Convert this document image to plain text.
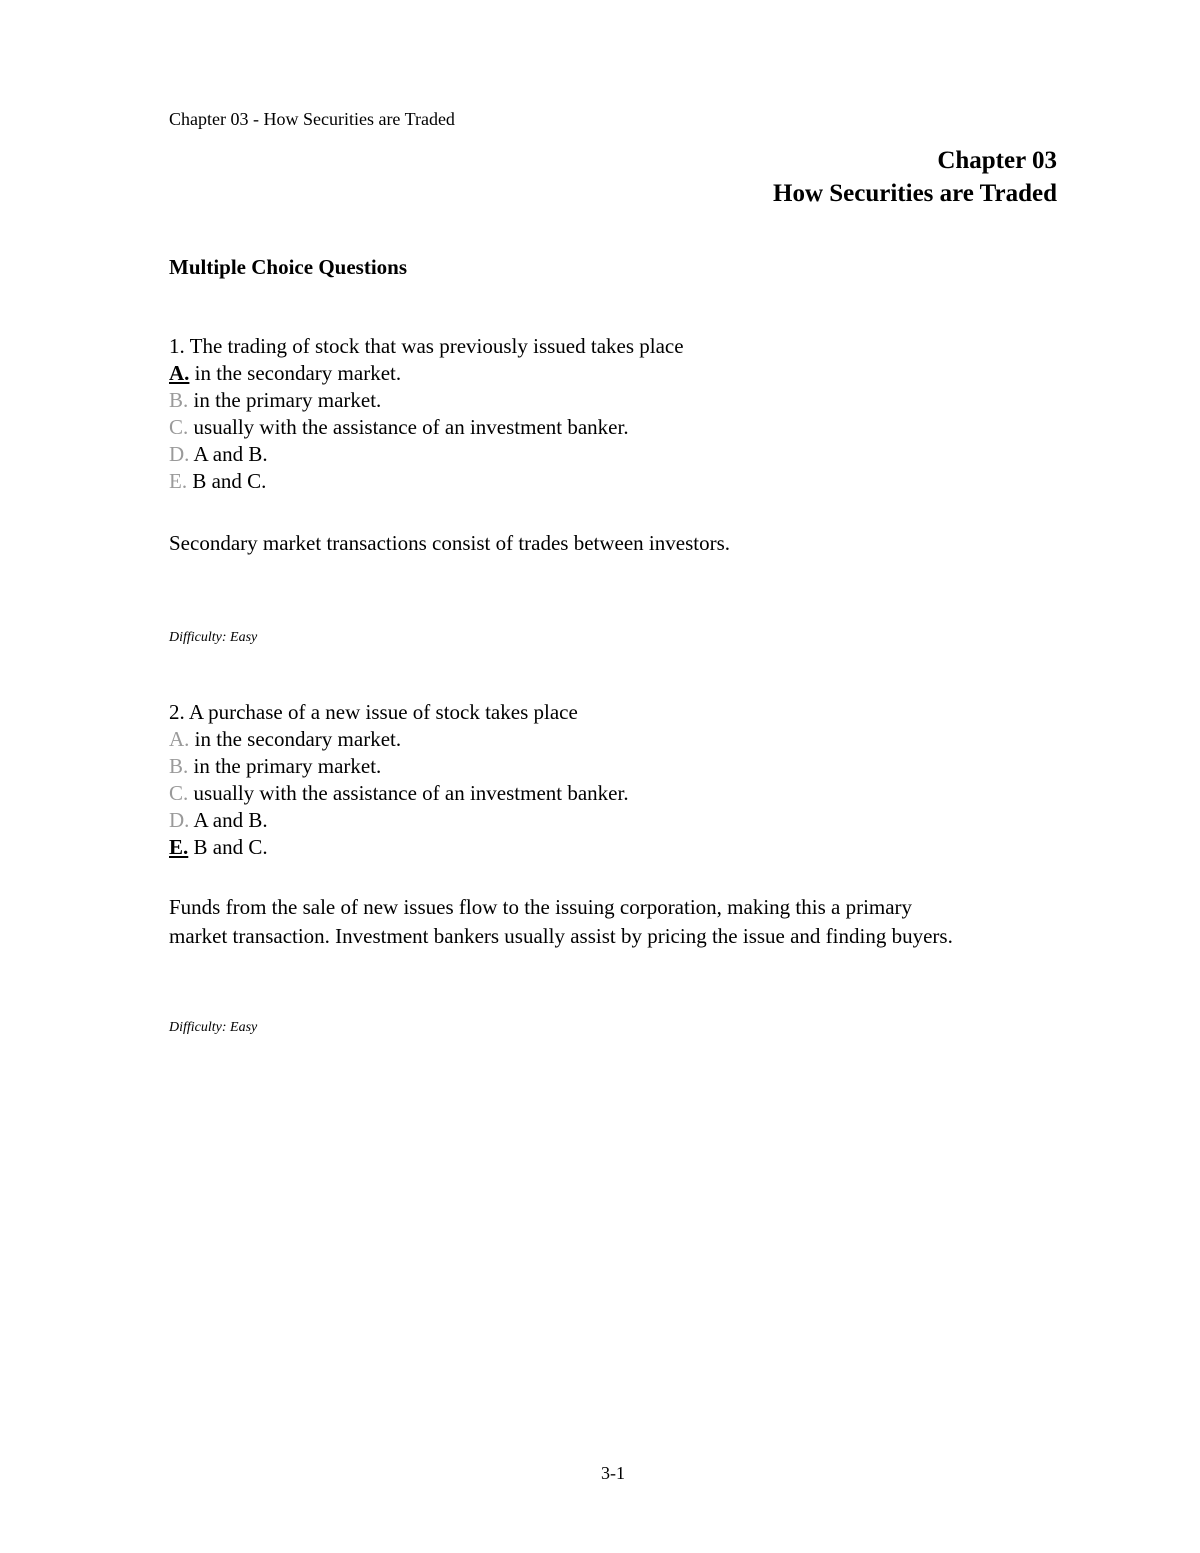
Chapter 03 - How Securities are Traded
Chapter 03
How Securities are Traded
Multiple Choice Questions
1. The trading of stock that was previously issued takes place
A. in the secondary market.
B. in the primary market.
C. usually with the assistance of an investment banker.
D. A and B.
E. B and C.
Secondary market transactions consist of trades between investors.
Difficulty: Easy
2. A purchase of a new issue of stock takes place
A. in the secondary market.
B. in the primary market.
C. usually with the assistance of an investment banker.
D. A and B.
E. B and C.
Funds from the sale of new issues flow to the issuing corporation, making this a primary
market transaction. Investment bankers usually assist by pricing the issue and finding buyers.
Difficulty: Easy
3-1
